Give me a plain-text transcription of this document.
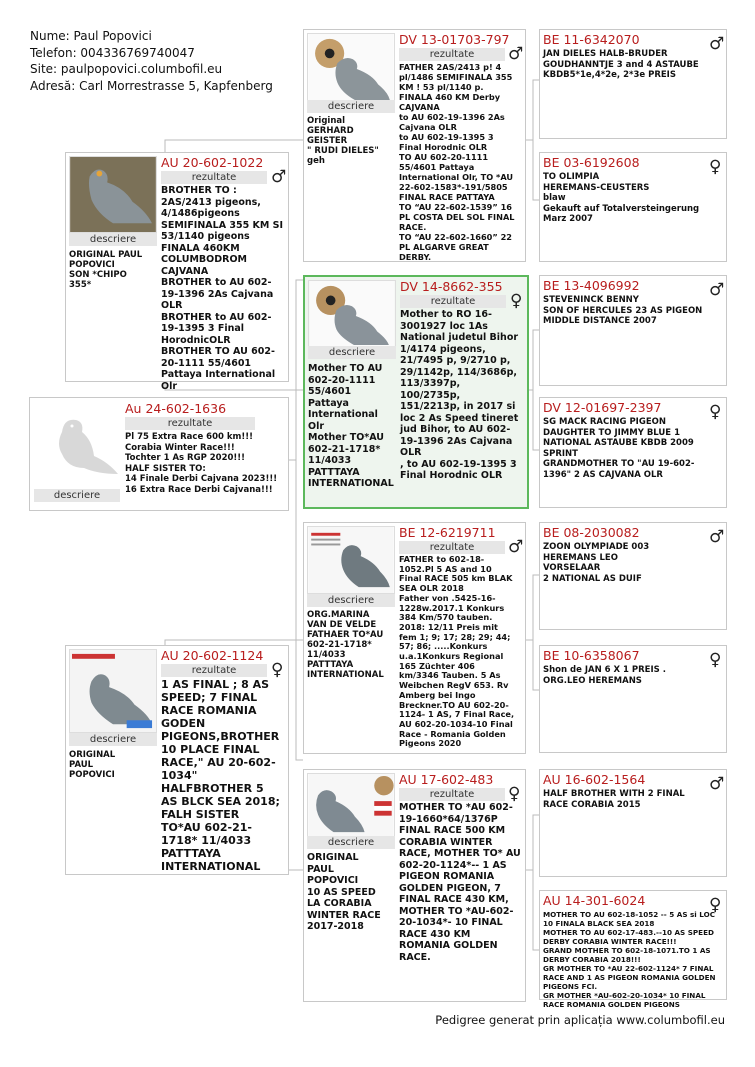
Nume: Paul Popovici
Telefon: 004336769740047
Site: paulpopovici.columbofil.eu
Adresă: Carl Morrestrasse 5, Kapfenberg
descriere
Au 24-602-1636
rezultate
Pl 75 Extra Race 600 km!!!
Corabia Winter Race!!!
Tochter 1 As RGP 2020!!!
HALF SISTER TO:
14 Finale Derbi Cajvana 2023!!!
16 Extra Race Derbi Cajvana!!!
descriere
ORIGINAL PAUL
POPOVICI
SON *CHIPO
355*
AU 20-602-1022
♂
rezultate
BROTHER TO :
2AS/2413 pigeons,
4/1486pigeons
SEMIFINALA 355 KM SI
53/1140 pigeons
FINALA 460KM
COLUMBODROM
CAJVANA
BROTHER to AU 602-
19-1396 2As Cajvana
OLR
BROTHER to AU 602-
19-1395 3 Final
HorodnicOLR
BROTHER TO AU 602-
20-1111 55/4601
Pattaya International
Olr
descriere
ORIGINAL
PAUL
POPOVICI
AU 20-602-1124
♀
rezultate
1 AS FINAL ; 8 AS
SPEED; 7 FINAL
RACE ROMANIA
GODEN
PIGEONS,BROTHER
10 PLACE FINAL
RACE," AU 20-602-
1034"
HALFBROTHER 5
AS BLCK SEA 2018;
FALH SISTER
TO*AU 602-21-
1718* 11/4033
PATTTAYA
INTERNATIONAL
descriere
Original
GERHARD
GEISTER
" RUDI DIELES"
geh
DV 13-01703-797
♂
rezultate
FATHER 2AS/2413 p! 4
pl/1486 SEMIFINALA 355
KM ! 53 pl/1140 p.
FINALA 460 KM Derby
CAJVANA
to AU 602-19-1396 2As
Cajvana OLR
to AU 602-19-1395 3
Final Horodnic OLR
TO AU 602-20-1111
55/4601 Pattaya
International Olr, TO *AU
22-602-1583*-191/5805
FINAL RACE PATTAYA
TO “AU 22-602-1539” 16
PL COSTA DEL SOL FINAL
RACE.
TO “AU 22-602-1660” 22
PL ALGARVE GREAT
DERBY.
descriere
Mother TO AU
602-20-1111
55/4601
Pattaya
International
Olr
Mother TO*AU
602-21-1718*
11/4033
PATTTAYA
INTERNATIONAL
DV 14-8662-355
♀
rezultate
Mother to RO 16-
3001927 loc 1As
National judetul Bihor
1/4174 pigeons,
21/7495 p, 9/2710 p,
29/1142p, 114/3686p,
113/3397p,
100/2735p,
151/2213p, in 2017 si
loc 2 As Speed tineret
jud Bihor, to AU 602-
19-1396 2As Cajvana
OLR
, to AU 602-19-1395 3
Final Horodnic OLR
descriere
ORG.MARINA
VAN DE VELDE
FATHAER TO*AU
602-21-1718*
11/4033
PATTTAYA
INTERNATIONAL
BE 12-6219711
♂
rezultate
FATHER to 602-18-
1052.Pl 5 AS and 10
Final RACE 505 km BLAK
SEA OLR 2018
Father von .5425-16-
1228w.2017.1 Konkurs
384 Km/570 tauben.
2018: 12/11 Preis mit
fem 1; 9; 17; 28; 29; 44;
57; 86; .....Konkurs
u.a.1Konkurs Regional
165 Züchter 406
km/3346 Tauben. 5 As
Weibchen RegV 653. Rv
Amberg bei Ingo
Breckner.TO AU 602-20-
1124- 1 AS, 7 Final Race,
AU 602-20-1034-10 Final
Race - Romania Golden
Pigeons 2020
descriere
ORIGINAL
PAUL
POPOVICI
10 AS SPEED
LA CORABIA
WINTER RACE
2017-2018
AU 17-602-483
♀
rezultate
MOTHER TO *AU 602-
19-1660*64/1376P
FINAL RACE 500 KM
CORABIA WINTER
RACE, MOTHER TO* AU
602-20-1124*-- 1 AS
PIGEON ROMANIA
GOLDEN PIGEON, 7
FINAL RACE 430 KM,
MOTHER TO *AU-602-
20-1034*- 10 FINAL
RACE 430 KM
ROMANIA GOLDEN
RACE.
BE 11-6342070	♂
JAN DIELES HALB-BRUDER
GOUDHANNTJE 3 and 4 ASTAUBE
KBDB5*1e,4*2e, 2*3e PREIS
BE 03-6192608	♀
TO OLIMPIA
HEREMANS-CEUSTERS
blaw
Gekauft auf Totalversteingerung
Marz 2007
BE 13-4096992	♂
STEVENINCK BENNY
SON OF HERCULES 23 AS PIGEON
MIDDLE DISTANCE 2007
DV 12-01697-2397	♀
SG MACK RACING PIGEON
DAUGHTER TO JIMMY BLUE 1
NATIONAL ASTAUBE KBDB 2009
SPRINT
GRANDMOTHER TO "AU 19-602-
1396" 2 AS CAJVANA OLR
BE 08-2030082	♂
ZOON OLYMPIADE 003
HEREMANS LEO
VORSELAAR
2 NATIONAL AS DUIF
BE 10-6358067	♀
Shon de JAN 6 X 1 PREIS .
ORG.LEO HEREMANS
AU 16-602-1564	♂
HALF BROTHER WITH 2 FINAL
RACE CORABIA 2015
AU 14-301-6024	♀
MOTHER TO AU 602-18-1052 -- 5 AS si LOC
10 FINALA BLACK SEA 2018
MOTHER TO AU 602-17-483.--10 AS SPEED
DERBY CORABIA WINTER RACE!!!
GRAND MOTHER TO 602-18-1071.TO 1 AS
DERBY CORABIA 2018!!!
GR MOTHER TO *AU 22-602-1124* 7 FINAL
RACE AND 1 AS PIGEON ROMANIA GOLDEN
PIGEONS FCI.
GR MOTHER *AU-602-20-1034* 10 FINAL
RACE ROMANIA GOLDEN PIGEONS
Pedigree generat prin aplicația www.columbofil.eu
